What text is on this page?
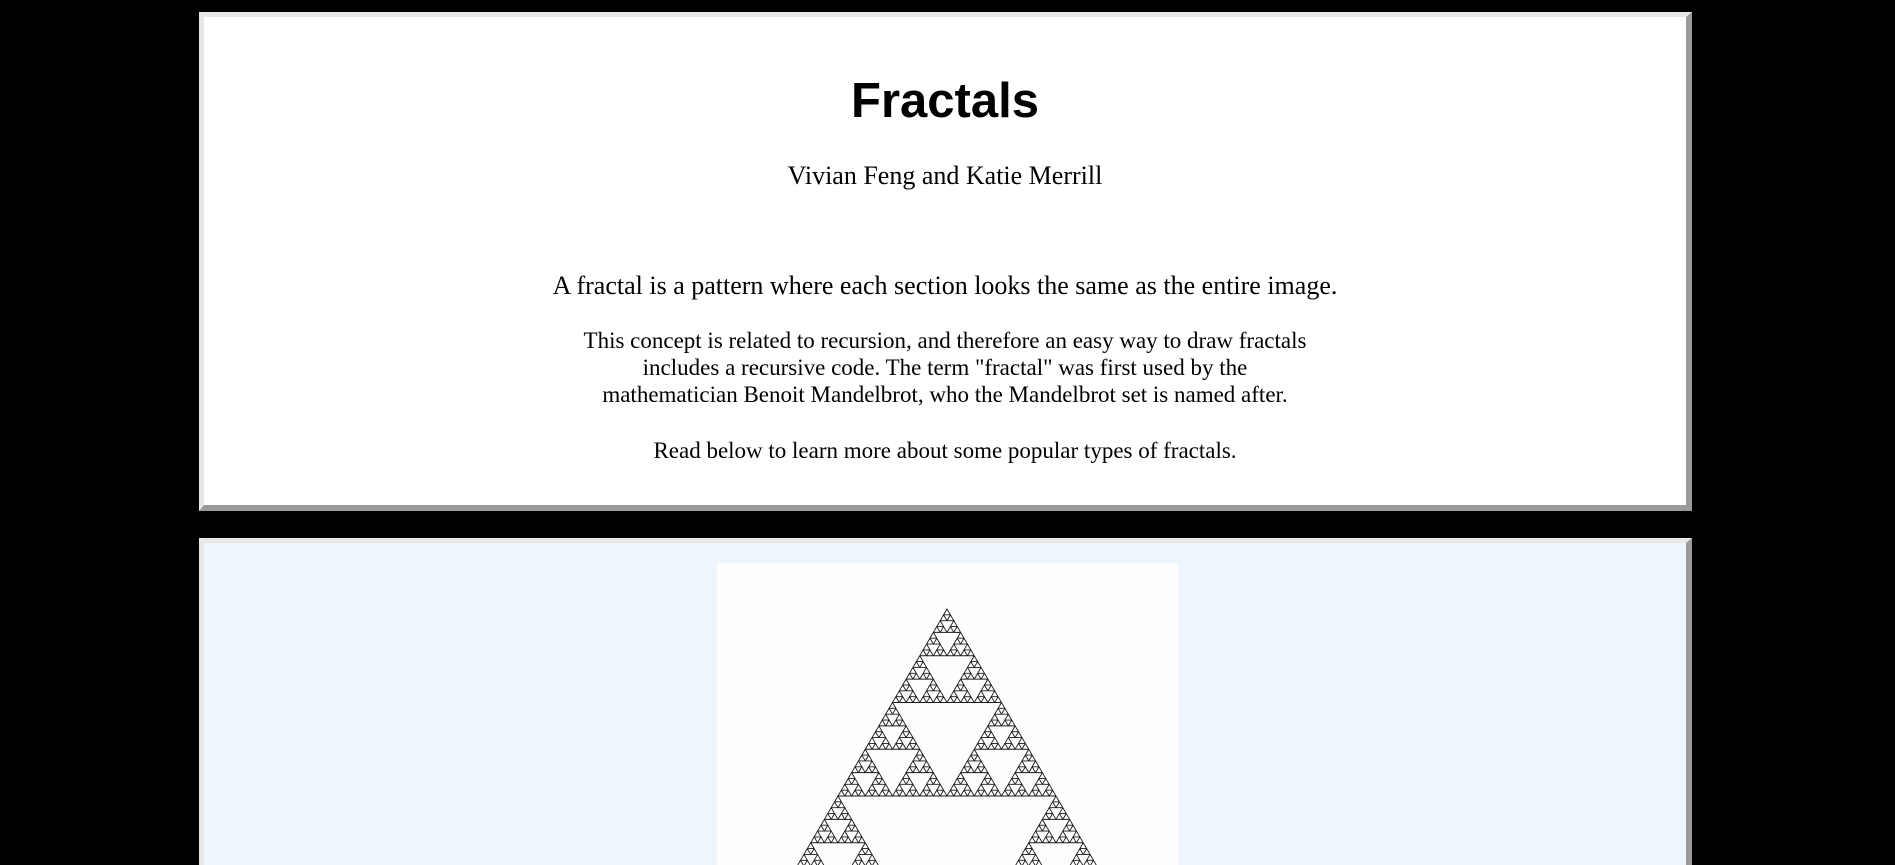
Fractals

Vivian Feng and Katie Merrill

A fractal is a pattern where each section looks the same as the entire image.

This concept is related to recursion, and therefore an easy way to draw fractals includes a recursive code. The term "fractal" was first used by the mathematician Benoit Mandelbrot, who the Mandelbrot set is named after.

Read below to learn more about some popular types of fractals.
